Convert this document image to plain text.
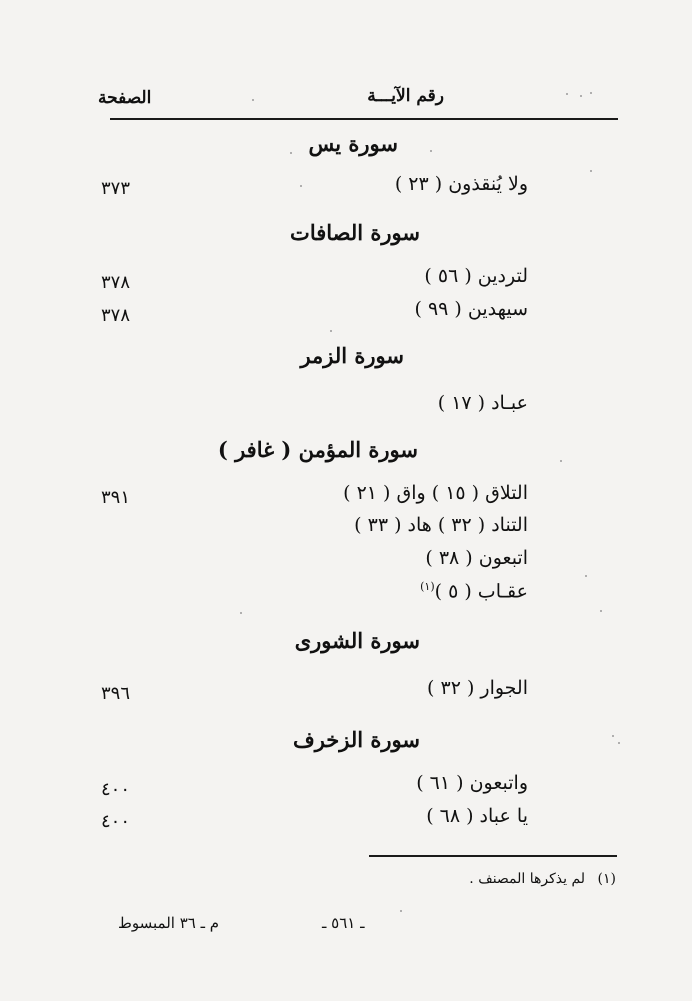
الصفحة	رقم الآيـــة
سورة يس
ولا يُنقذون ( ٢٣ )
٣٧٣
سورة الصافات
لتردين ( ٥٦ )
٣٧٨
سيهدين ( ٩٩ )
٣٧٨
سورة الزمر
عبـاد ( ١٧ )
سورة المؤمن ( غافر )
التلاق ( ١٥ ) واق ( ٢١ )
٣٩١
التناد ( ٣٢ ) هاد ( ٣٣ )
اتبعون ( ٣٨ )
عقـاب ( ٥ )$^{(١)}$
سورة الشورى
الجوار ( ٣٢ )
٣٩٦
سورة الزخرف
واتبعون ( ٦١ )
٤٠٠
يا عباد ( ٦٨ )
٤٠٠
(١) لم يذكرها المصنف .
م ـ ٣٦ المبسوط	ـ ٥٦١ ـ
